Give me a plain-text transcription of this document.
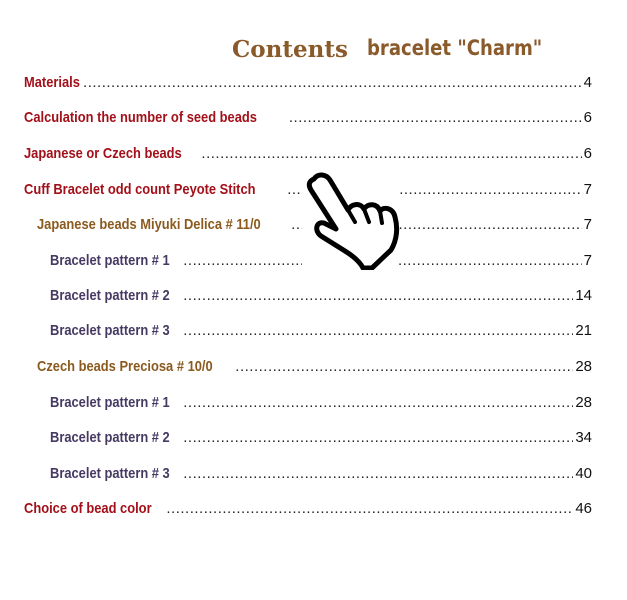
Contents bracelet "Charm"
Materials .....	4
Calculation the number of seed beads .....	6
Japanese or Czech beads .....	6
Cuff Bracelet odd count Peyote Stitch .....	7
Japanese beads Miyuki Delica # 11/0 .....	7
Bracelet pattern # 1 .....	7
Bracelet pattern # 2 .....	14
Bracelet pattern # 3 .....	21
Czech beads Preciosa # 10/0 .....	28
Bracelet pattern # 1 .....	28
Bracelet pattern # 2 .....	34
Bracelet pattern # 3 .....	40
Choice of bead color .....	46
